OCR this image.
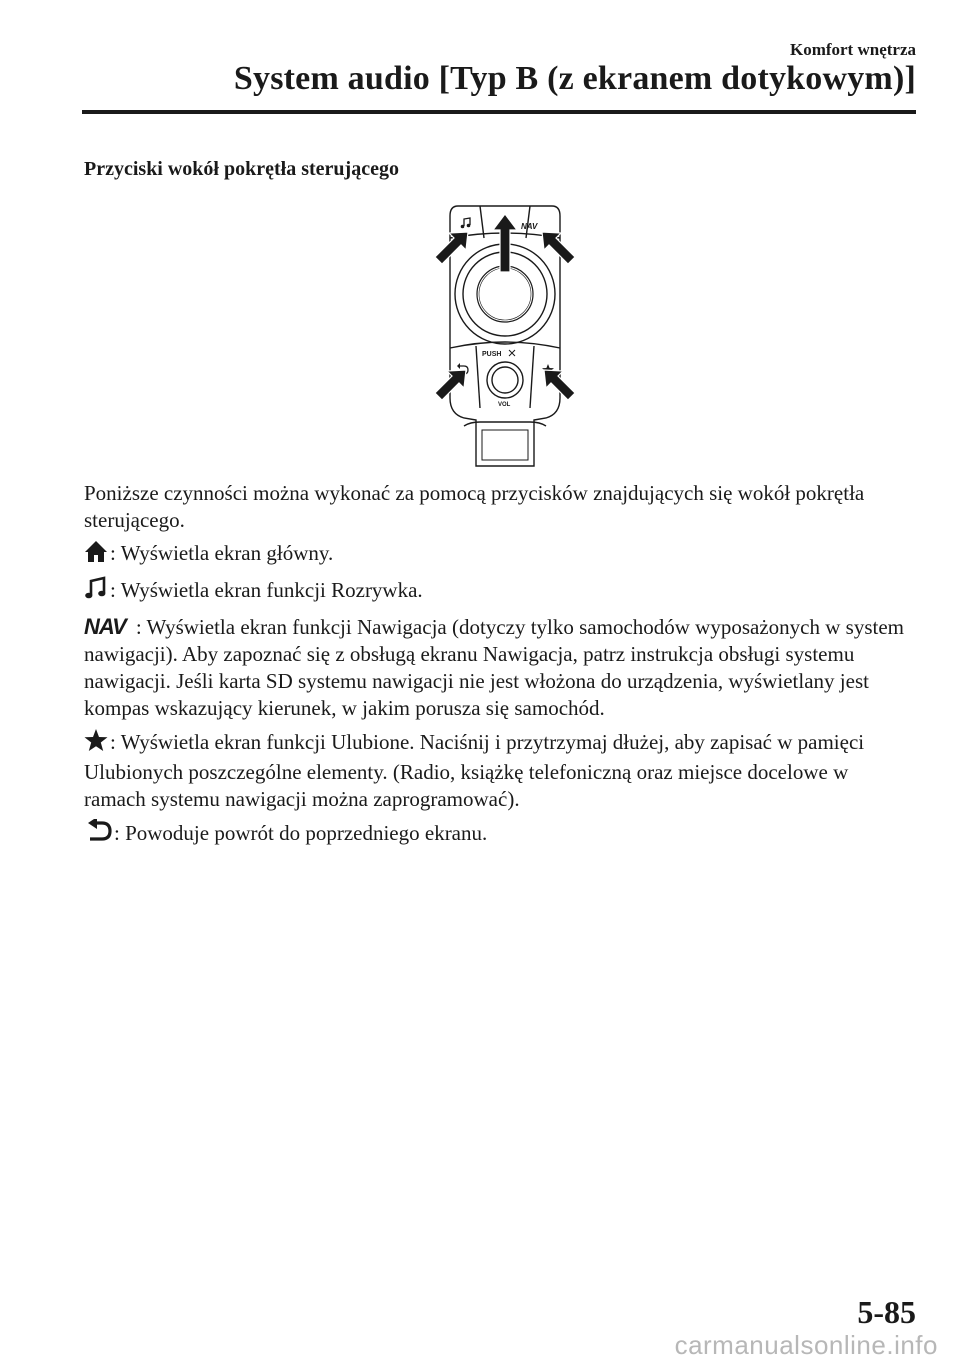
Komfort wnętrza
System audio [Typ B (z ekranem dotykowym)]
Przyciski wokół pokrętła sterującego
NAV
PUSH
VOL

Poniższe czynności można wykonać za pomocą przycisków znajdujących się wokół pokrętła sterującego.

: Wyświetla ekran główny.

: Wyświetla ekran funkcji Rozrywka.

NAV : Wyświetla ekran funkcji Nawigacja (dotyczy tylko samochodów wyposażonych w system nawigacji). Aby zapoznać się z obsługą ekranu Nawigacja, patrz instrukcja obsługi systemu nawigacji. Jeśli karta SD systemu nawigacji nie jest włożona do urządzenia, wyświetlany jest kompas wskazujący kierunek, w jakim porusza się samochód.

: Wyświetla ekran funkcji Ulubione. Naciśnij i przytrzymaj dłużej, aby zapisać w pamięci Ulubionych poszczególne elementy. (Radio, książkę telefoniczną oraz miejsce docelowe w ramach systemu nawigacji można zaprogramować).

: Powoduje powrót do poprzedniego ekranu.

5-85
carmanualsonline.info
